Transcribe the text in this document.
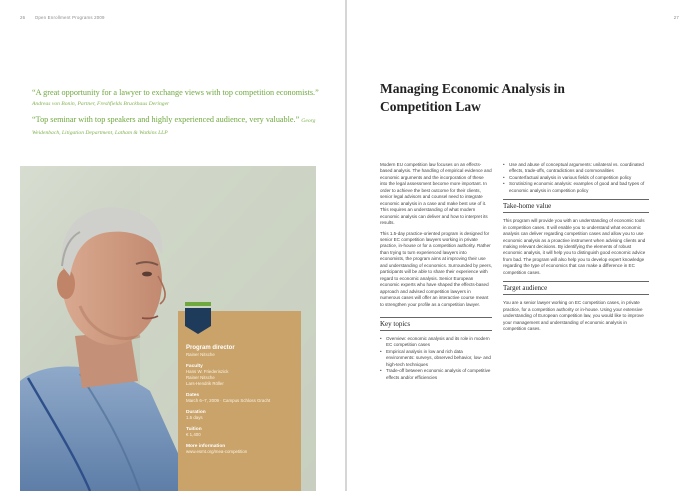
26 Open Enrollment Programs 2009
“A great opportunity for a lawyer to exchange views with top competition economists.” Andreas von Bonin, Partner, Freshfields Bruckhaus Deringer
“Top seminar with top speakers and highly experienced audience, very valuable.” Georg Weidenbach, Litigation Department, Latham & Watkins LLP
Program director
Rainer Nitsche
Faculty
Hans W. Friederiszick
Rainer Nitsche
Lars-Hendrik Röller
Dates
March 6–7, 2009 · Campus Schloss Gracht
Duration
1.5 days
Tuition
€ 1,400
More information
www.esmt.org/mea-competition
27
Managing Economic Analysis in Competition Law

Modern EU competition law focuses on an effects-based analysis. The handling of empirical evidence and economic arguments and the incorporation of these into the legal assessment become more important. In order to achieve the best outcome for their clients, senior legal advisors and counsel need to integrate economic analysis in a case and make best use of it. This requires an understanding of what modern economic analysis can deliver and how to interpret its results.

This 1.5-day practice-oriented program is designed for senior EC competition lawyers working in private practice, in-house or for a competition authority. Rather than trying to turn experienced lawyers into economists, the program aims at improving their use and understanding of economics. Surrounded by peers, participants will be able to share their experience with regard to economic analysis. Senior European economic experts who have shaped the effects-based approach and advised competition lawyers in numerous cases will offer an interactive course meant to strengthen your profile as a competition lawyer.

Key topics
• Overview: economic analysis and its role in modern EC competition cases
• Empirical analysis in low and rich data environments: surveys, observed behavior, low- and high-tech techniques
• Trade-off between economic analysis of competitive effects and/or efficiencies
• Use and abuse of conceptual arguments: unilateral vs. coordinated effects, trade-offs, contradictions and commonalities
• Counterfactual analysis in various fields of competition policy
• Scrutinizing economic analysis: examples of good and bad types of economic analysis in competition policy
Take-home value

This program will provide you with an understanding of economic tools in competition cases. It will enable you to understand what economic analysis can deliver regarding competition cases and allow you to use economic analysis as a proactive instrument when advising clients and making relevant decisions. By identifying the elements of robust economic analysis, it will help you to distinguish good economic advice from bad. The program will also help you to develop expert knowledge regarding the type of economics that can make a difference in EC competition cases.

Target audience

You are a senior lawyer working on EC competition cases, in private practice, for a competition authority or in-house. Using your extensive understanding of European competition law, you would like to improve your management and understanding of economic analysis in competition cases.
